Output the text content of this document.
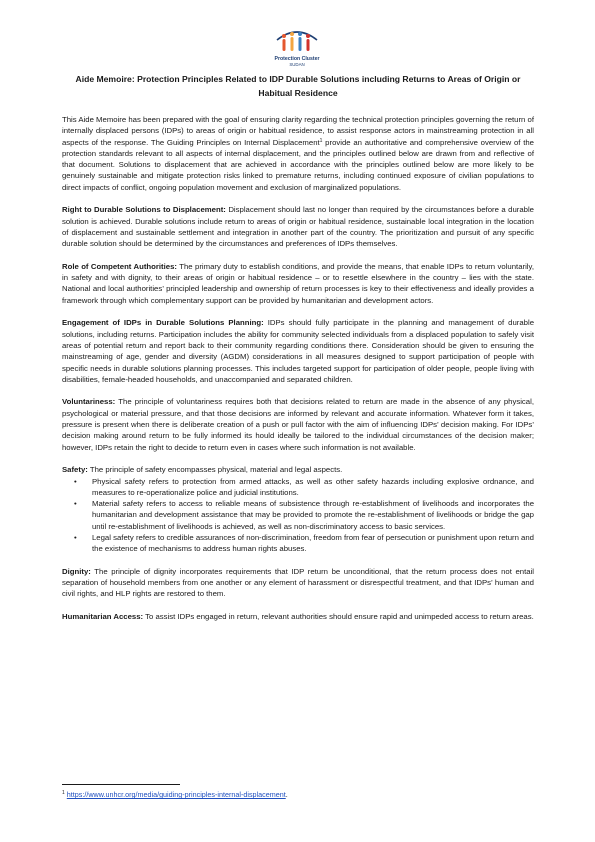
Protection Cluster
SUDAN
Aide Memoire: Protection Principles Related to IDP Durable Solutions including Returns to Areas of Origin or Habitual Residence

This Aide Memoire has been prepared with the goal of ensuring clarity regarding the technical protection principles governing the return of internally displaced persons (IDPs) to areas of origin or habitual residence, to assist response actors in mainstreaming protection in all aspects of the response. The Guiding Principles on Internal Displacement$^1$ provide an authoritative and comprehensive overview of the protection standards relevant to all aspects of internal displacement, and the principles outlined below are drawn from and reflective of that document. Solutions to displacement that are achieved in accordance with the principles outlined below are more likely to be genuinely sustainable and mitigate protection risks linked to premature returns, including continued exposure of civilian populations to direct impacts of conflict, ongoing population movement and exclusion of marginalized populations.

Right to Durable Solutions to Displacement: Displacement should last no longer than required by the circumstances before a durable solution is achieved. Durable solutions include return to areas of origin or habitual residence, sustainable local integration in the location of displacement and sustainable settlement and integration in another part of the country. The prioritization and pursuit of any specific durable solution should be determined by the circumstances and preferences of IDPs themselves.

Role of Competent Authorities: The primary duty to establish conditions, and provide the means, that enable IDPs to return voluntarily, in safety and with dignity, to their areas of origin or habitual residence – or to resettle elsewhere in the country – lies with the state. National and local authorities’ principled leadership and ownership of return processes is key to their effectiveness and ideally provides a framework through which complementary support can be provided by humanitarian and development actors.

Engagement of IDPs in Durable Solutions Planning: IDPs should fully participate in the planning and management of durable solutions, including returns. Participation includes the ability for community selected individuals from a displaced population to safely visit areas of potential return and report back to their community regarding conditions there. Consideration should be given to ensuring the mainstreaming of age, gender and diversity (AGDM) considerations in all measures designed to support participation of people with specific needs in durable solutions planning processes. This includes targeted support for participation of older people, people living with disabilities, female-headed households, and unaccompanied and separated children.

Voluntariness: The principle of voluntariness requires both that decisions related to return are made in the absence of any physical, psychological or material pressure, and that those decisions are informed by relevant and accurate information. Whatever form it takes, pressure is present when there is deliberate creation of a push or pull factor with the aim of influencing IDPs’ decision making. For IDPs’ decision making around return to be fully informed its hould ideally be tailored to the individual circumstances of the decision maker; however, IDPs retain the right to decide to return even in cases where such information is not available.

Safety: The principle of safety encompasses physical, material and legal aspects.

• Physical safety refers to protection from armed attacks, as well as other safety hazards including explosive ordnance, and measures to re-operationalize police and judicial institutions.
• Material safety refers to access to reliable means of subsistence through re-establishment of livelihoods and incorporates the humanitarian and development assistance that may be provided to promote the re-establishment of livelihoods or bridge the gap until re-establishment of livelihoods is achieved, as well as non-discriminatory access to basic services.
• Legal safety refers to credible assurances of non-discrimination, freedom from fear of persecution or punishment upon return and the existence of mechanisms to address human rights abuses.

Dignity: The principle of dignity incorporates requirements that IDP return be unconditional, that the return process does not entail separation of household members from one another or any element of harassment or disrespectful treatment, and that IDPs’ human and civil rights, and HLP rights are restored to them.

Humanitarian Access: To assist IDPs engaged in return, relevant authorities should ensure rapid and unimpeded access to return areas.

$^1$ https://www.unhcr.org/media/guiding-principles-internal-displacement.
